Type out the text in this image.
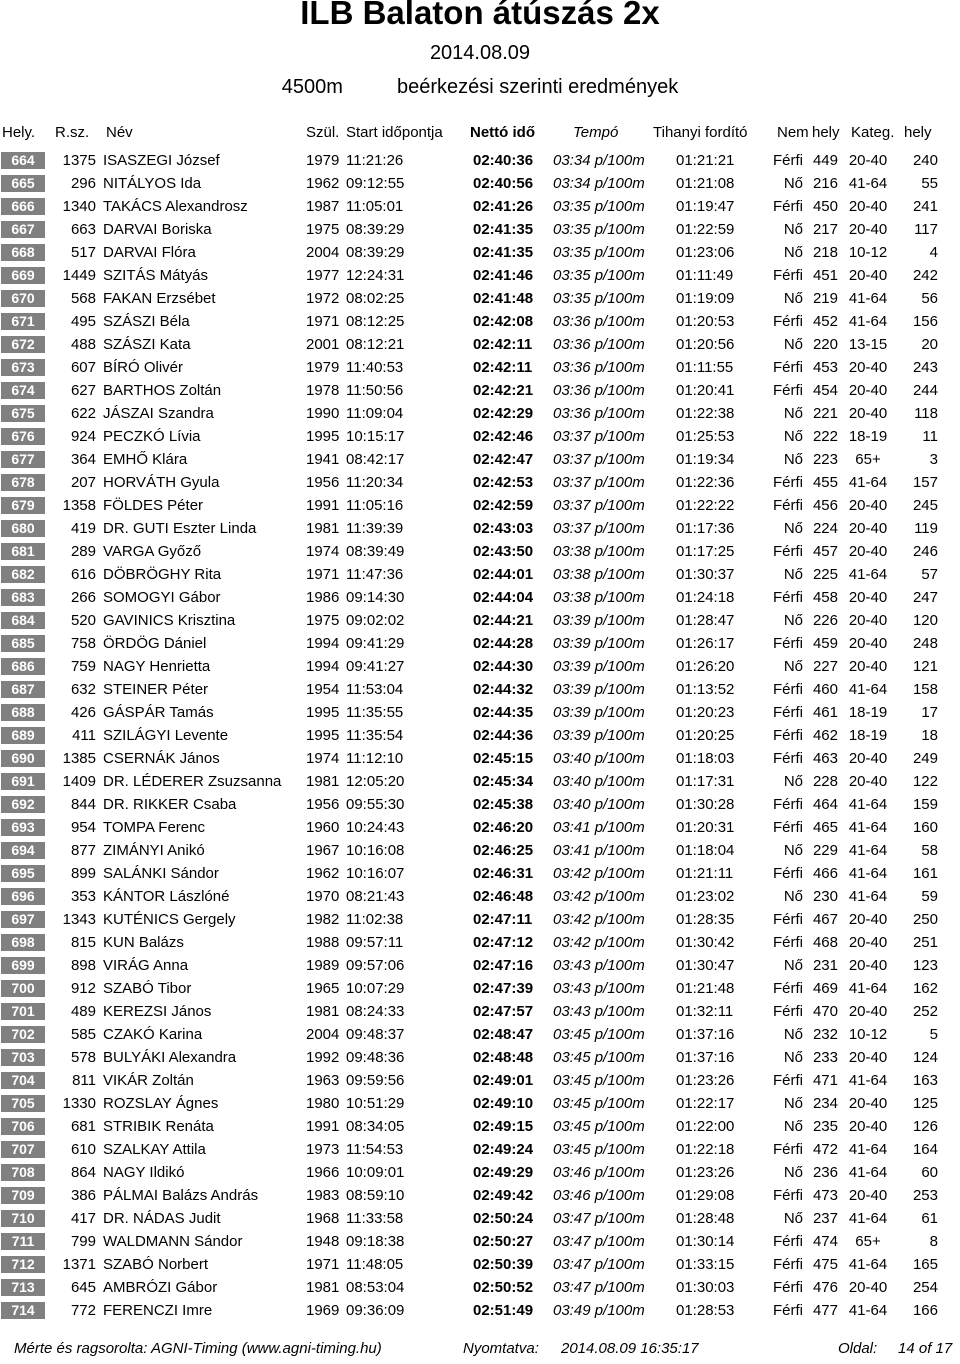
ILB Balaton átúszás 2x
2014.08.09
4500m	beérkezési szerinti eredmények
Hely. R.sz. Név	Szül. Start időpontja Nettó idő	Tempó Tihanyi fordító Nem hely Kateg. hely
664	1375 ISASZEGI József	1979 11:21:26	02:40:36	03:34 p/100m	01:21:21	Férfi 449 20-40	240
665	296 NITÁLYOS Ida	1962 09:12:55	02:40:56	03:34 p/100m	01:21:08	Nő 216 41-64	55
666	1340 TAKÁCS Alexandrosz	1987 11:05:01	02:41:26	03:35 p/100m	01:19:47	Férfi 450 20-40	241
667	663 DARVAI Boriska	1975 08:39:29	02:41:35	03:35 p/100m	01:22:59	Nő 217 20-40	117
668	517 DARVAI Flóra	2004 08:39:29	02:41:35	03:35 p/100m	01:23:06	Nő 218 10-12	4
669	1449 SZITÁS Mátyás	1977 12:24:31	02:41:46	03:35 p/100m	01:11:49	Férfi 451 20-40	242
670	568 FAKAN Erzsébet	1972 08:02:25	02:41:48	03:35 p/100m	01:19:09	Nő 219 41-64	56
671	495 SZÁSZI Béla	1971 08:12:25	02:42:08	03:36 p/100m	01:20:53	Férfi 452 41-64	156
672	488 SZÁSZI Kata	2001 08:12:21	02:42:11	03:36 p/100m	01:20:56	Nő 220 13-15	20
673	607 BÍRÓ Olivér	1979 11:40:53	02:42:11	03:36 p/100m	01:11:55	Férfi 453 20-40	243
674	627 BARTHOS Zoltán	1978 11:50:56	02:42:21	03:36 p/100m	01:20:41	Férfi 454 20-40	244
675	622 JÁSZAI Szandra	1990 11:09:04	02:42:29	03:36 p/100m	01:22:38	Nő 221 20-40	118
676	924 PECZKÓ Lívia	1995 10:15:17	02:42:46	03:37 p/100m	01:25:53	Nő 222 18-19	11
677	364 EMHŐ Klára	1941 08:42:17	02:42:47	03:37 p/100m	01:19:34	Nő 223	65+	3
678	207 HORVÁTH Gyula	1956 11:20:34	02:42:53	03:37 p/100m	01:22:36	Férfi 455 41-64	157
679	1358 FÖLDES Péter	1991 11:05:16	02:42:59	03:37 p/100m	01:22:22	Férfi 456 20-40	245
680	419 DR. GUTI Eszter Linda	1981 11:39:39	02:43:03	03:37 p/100m	01:17:36	Nő 224 20-40	119
681	289 VARGA Győző	1974 08:39:49	02:43:50	03:38 p/100m	01:17:25	Férfi 457 20-40	246
682	616 DÖBRÖGHY Rita	1971 11:47:36	02:44:01	03:38 p/100m	01:30:37	Nő 225 41-64	57
683	266 SOMOGYI Gábor	1986 09:14:30	02:44:04	03:38 p/100m	01:24:18	Férfi 458 20-40	247
684	520 GAVINICS Krisztina	1975 09:02:02	02:44:21	03:39 p/100m	01:28:47	Nő 226 20-40	120
685	758 ÖRDÖG Dániel	1994 09:41:29	02:44:28	03:39 p/100m	01:26:17	Férfi 459 20-40	248
686	759 NAGY Henrietta	1994 09:41:27	02:44:30	03:39 p/100m	01:26:20	Nő 227 20-40	121
687	632 STEINER Péter	1954 11:53:04	02:44:32	03:39 p/100m	01:13:52	Férfi 460 41-64	158
688	426 GÁSPÁR Tamás	1995 11:35:55	02:44:35	03:39 p/100m	01:20:23	Férfi 461 18-19	17
689	411 SZILÁGYI Levente	1995 11:35:54	02:44:36	03:39 p/100m	01:20:25	Férfi 462 18-19	18
690	1385 CSERNÁK János	1974 11:12:10	02:45:15	03:40 p/100m	01:18:03	Férfi 463 20-40	249
691	1409 DR. LÉDERER Zsuzsanna	1981 12:05:20	02:45:34	03:40 p/100m	01:17:31	Nő 228 20-40	122
692	844 DR. RIKKER Csaba	1956 09:55:30	02:45:38	03:40 p/100m	01:30:28	Férfi 464 41-64	159
693	954 TOMPA Ferenc	1960 10:24:43	02:46:20	03:41 p/100m	01:20:31	Férfi 465 41-64	160
694	877 ZIMÁNYI Anikó	1967 10:16:08	02:46:25	03:41 p/100m	01:18:04	Nő 229 41-64	58
695	899 SALÁNKI Sándor	1962 10:16:07	02:46:31	03:42 p/100m	01:21:11	Férfi 466 41-64	161
696	353 KÁNTOR Lászlóné	1970 08:21:43	02:46:48	03:42 p/100m	01:23:02	Nő 230 41-64	59
697	1343 KUTÉNICS Gergely	1982 11:02:38	02:47:11	03:42 p/100m	01:28:35	Férfi 467 20-40	250
698	815 KUN Balázs	1988 09:57:11	02:47:12	03:42 p/100m	01:30:42	Férfi 468 20-40	251
699	898 VIRÁG Anna	1989 09:57:06	02:47:16	03:43 p/100m	01:30:47	Nő 231 20-40	123
700	912 SZABÓ Tibor	1965 10:07:29	02:47:39	03:43 p/100m	01:21:48	Férfi 469 41-64	162
701	489 KEREZSI János	1981 08:24:33	02:47:57	03:43 p/100m	01:32:11	Férfi 470 20-40	252
702	585 CZAKÓ Karina	2004 09:48:37	02:48:47	03:45 p/100m	01:37:16	Nő 232 10-12	5
703	578 BULYÁKI Alexandra	1992 09:48:36	02:48:48	03:45 p/100m	01:37:16	Nő 233 20-40	124
704	811 VIKÁR Zoltán	1963 09:59:56	02:49:01	03:45 p/100m	01:23:26	Férfi 471 41-64	163
705	1330 ROZSLAY Ágnes	1980 10:51:29	02:49:10	03:45 p/100m	01:22:17	Nő 234 20-40	125
706	681 STRIBIK Renáta	1991 08:34:05	02:49:15	03:45 p/100m	01:22:00	Nő 235 20-40	126
707	610 SZALKAY Attila	1973 11:54:53	02:49:24	03:45 p/100m	01:22:18	Férfi 472 41-64	164
708	864 NAGY Ildikó	1966 10:09:01	02:49:29	03:46 p/100m	01:23:26	Nő 236 41-64	60
709	386 PÁLMAI Balázs András	1983 08:59:10	02:49:42	03:46 p/100m	01:29:08	Férfi 473 20-40	253
710	417 DR. NÁDAS Judit	1968 11:33:58	02:50:24	03:47 p/100m	01:28:48	Nő 237 41-64	61
711	799 WALDMANN Sándor	1948 09:18:38	02:50:27	03:47 p/100m	01:30:14	Férfi 474	65+	8
712	1371 SZABÓ Norbert	1971 11:48:05	02:50:39	03:47 p/100m	01:33:15	Férfi 475 41-64	165
713	645 AMBRÓZI Gábor	1981 08:53:04	02:50:52	03:47 p/100m	01:30:03	Férfi 476 20-40	254
714	772 FERENCZI Imre	1969 09:36:09	02:51:49	03:49 p/100m	01:28:53	Férfi 477 41-64	166
Mérte és ragsorolta: AGNI-Timing (www.agni-timing.hu)	Nyomtatva: 2014.08.09 16:35:17	Oldal: 14 of 17
